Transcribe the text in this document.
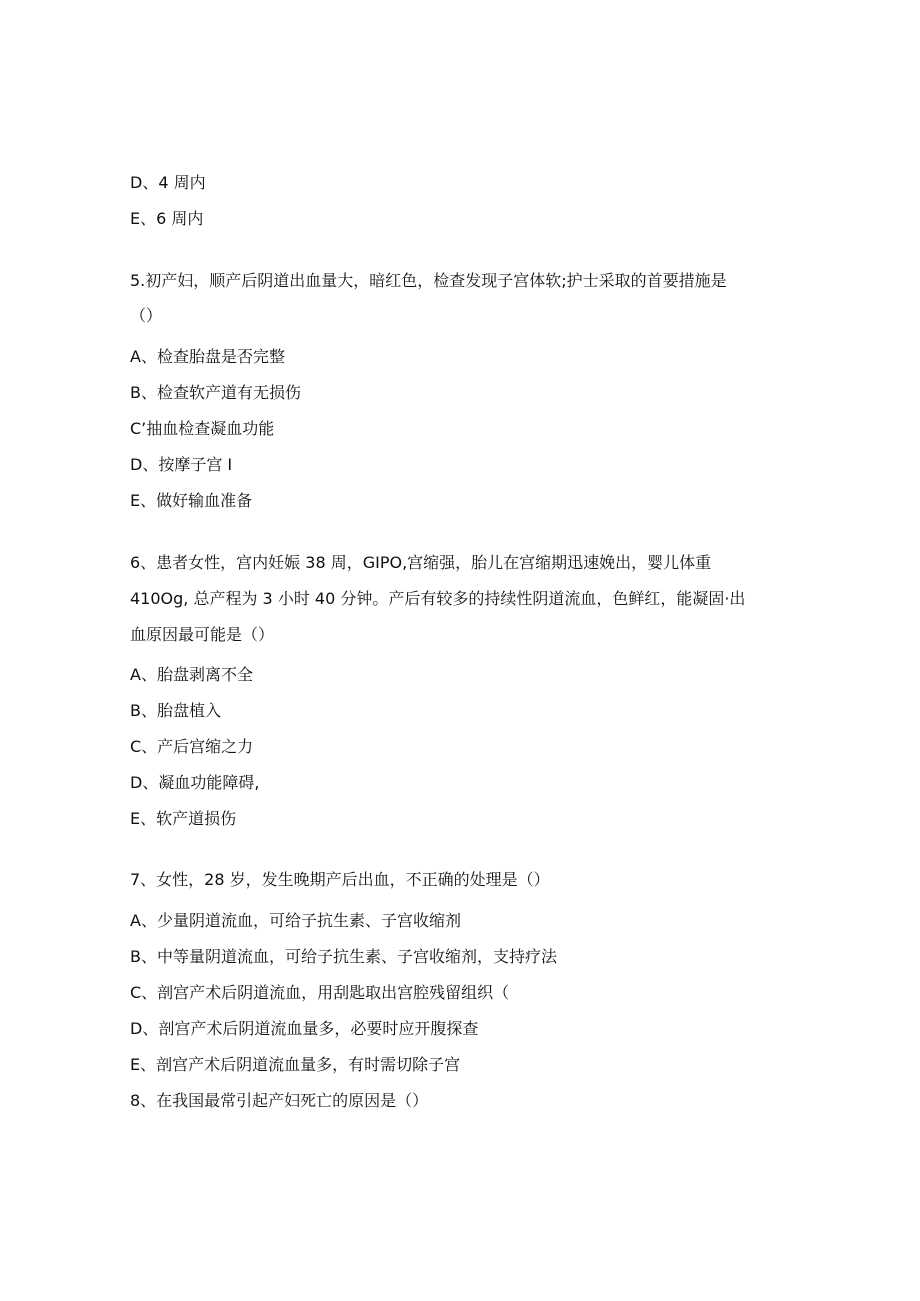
D、4 周内
E、6 周内
5.初产妇，顺产后阴道出血量大，暗红色，检查发现子宫体软;护士采取的首要措施是
（）
A、检查胎盘是否完整
B、检查软产道有无损伤
C’抽血检查凝血功能
D、按摩子宫 I
E、做好输血准备
6、患者女性，宫内妊娠 38 周，GIPO,宫缩强，胎儿在宫缩期迅速娩出，婴儿体重
410Og, 总产程为 3 小时 40 分钟。产后有较多的持续性阴道流血，色鲜红，能凝固·出
血原因最可能是（）
A、胎盘剥离不全
B、胎盘植入
C、产后宫缩之力
D、凝血功能障碍,
E、软产道损伤
7、女性，28 岁，发生晚期产后出血，不正确的处理是（）
A、少量阴道流血，可给子抗生素、子宫收缩剂
B、中等量阴道流血，可给子抗生素、子宫收缩剂，支持疗法
C、剖宫产术后阴道流血，用刮匙取出宫腔残留组织（
D、剖宫产术后阴道流血量多，必要时应开腹探查
E、剖宫产术后阴道流血量多，有时需切除子宫
8、在我国最常引起产妇死亡的原因是（）
